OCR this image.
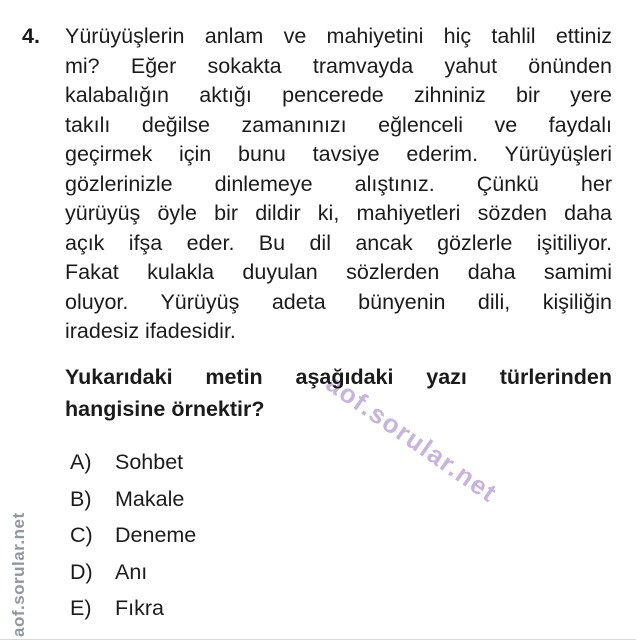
aof.sorular.net
aof.sorular.net
4.	Yürüyüşlerin anlam ve mahiyetini hiç tahlil ettiniz
mi? Eğer sokakta tramvayda yahut önünden
kalabalığın aktığı pencerede zihniniz bir yere
takılı değilse zamanınızı eğlenceli ve faydalı
geçirmek için bunu tavsiye ederim. Yürüyüşleri
gözlerinizle dinlemeye alıştınız. Çünkü her
yürüyüş öyle bir dildir ki, mahiyetleri sözden daha
açık ifşa eder. Bu dil ancak gözlerle işitiliyor.
Fakat kulakla duyulan sözlerden daha samimi
oluyor. Yürüyüş adeta bünyenin dili, kişiliğin
iradesiz ifadesidir.
Yukarıdaki metin aşağıdaki yazı türlerinden
hangisine örnektir?
A)	Sohbet
B)	Makale
C)	Deneme
D)	Anı
E)	Fıkra
